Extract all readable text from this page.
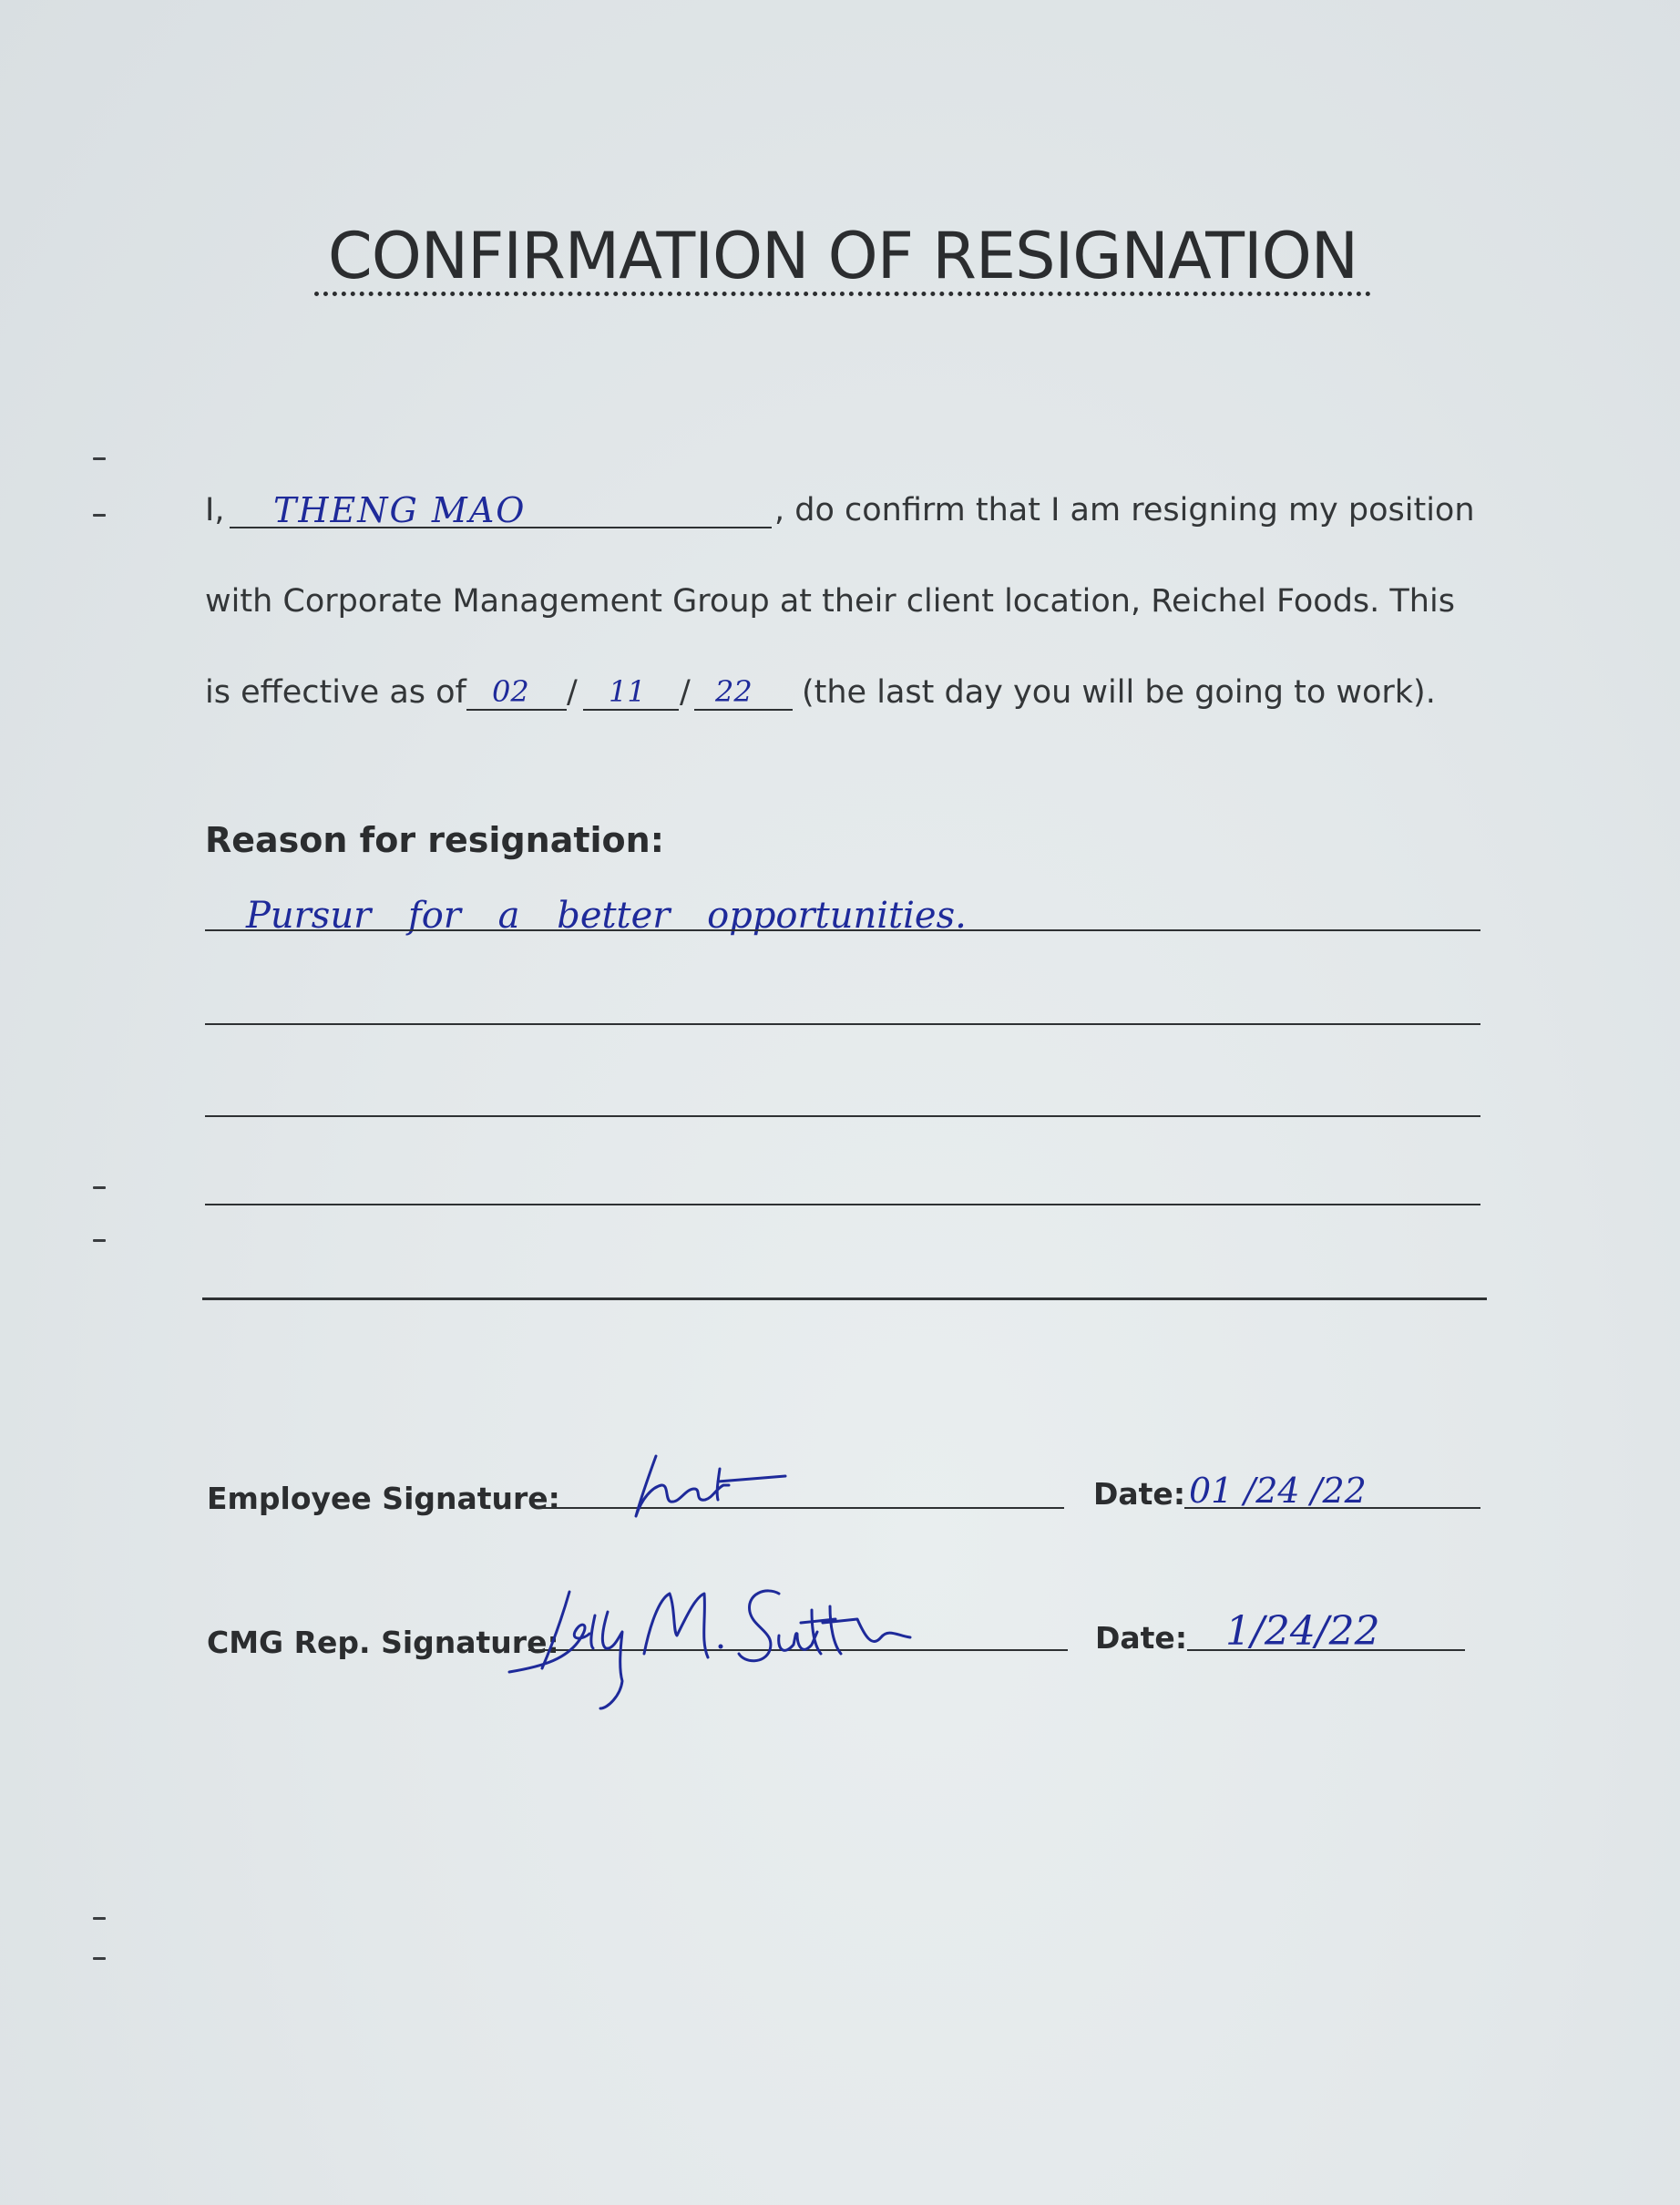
CONFIRMATION OF RESIGNATION
I, THENG MAO	, do confirm that I am resigning my position
with Corporate Management Group at their client location, Reichel Foods. This
is effective as of 02 / 11 / 22 (the last day you will be going to work).
Reason for resignation:
Pursur for a better opportunities.
Employee Signature:	Date: 01 /24 /22
CMG Rep. Signature:	Date: 1/24/22
